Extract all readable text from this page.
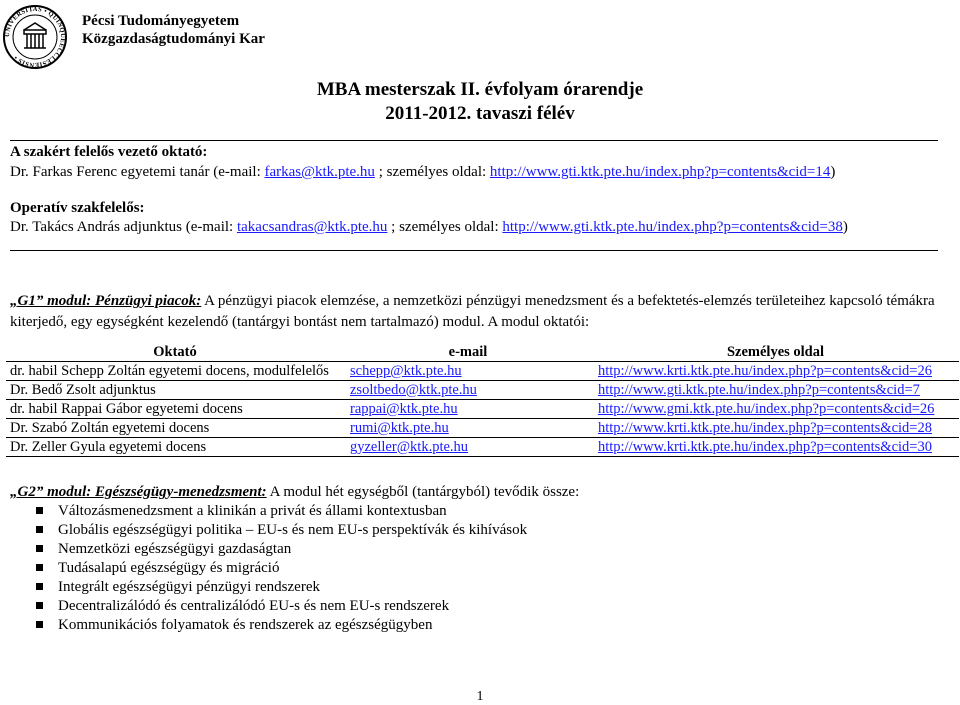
UNIVERSITAS • QUINQUEECCLESIENSIS •
Pécsi Tudományegyetem
Közgazdaságtudományi Kar
MBA mesterszak II. évfolyam órarendje
2011-2012. tavaszi félév
A szakért felelős vezető oktató:
Dr. Farkas Ferenc egyetemi tanár (e-mail: farkas@ktk.pte.hu ; személyes oldal: http://www.gti.ktk.pte.hu/index.php?p=contents&cid=14)
Operatív szakfelelős:
Dr. Takács András adjunktus (e-mail: takacsandras@ktk.pte.hu ; személyes oldal: http://www.gti.ktk.pte.hu/index.php?p=contents&cid=38)
„G1” modul: Pénzügyi piacok: A pénzügyi piacok elemzése, a nemzetközi pénzügyi menedzsment és a befektetés-elemzés területeihez kapcsoló témákra kiterjedő, egy egységként kezelendő (tantárgyi bontást nem tartalmazó) modul. A modul oktatói:
Oktató	e-mail	Személyes oldal
dr. habil Schepp Zoltán egyetemi docens, modulfelelős	schepp@ktk.pte.hu	http://www.krti.ktk.pte.hu/index.php?p=contents&cid=26
Dr. Bedő Zsolt adjunktus	zsoltbedo@ktk.pte.hu	http://www.gti.ktk.pte.hu/index.php?p=contents&cid=7
dr. habil Rappai Gábor egyetemi docens	rappai@ktk.pte.hu	http://www.gmi.ktk.pte.hu/index.php?p=contents&cid=26
Dr. Szabó Zoltán egyetemi docens	rumi@ktk.pte.hu	http://www.krti.ktk.pte.hu/index.php?p=contents&cid=28
Dr. Zeller Gyula egyetemi docens	gyzeller@ktk.pte.hu	http://www.krti.ktk.pte.hu/index.php?p=contents&cid=30
„G2” modul: Egészségügy-menedzsment: A modul hét egységből (tantárgyból) tevődik össze:
Változásmenedzsment a klinikán a privát és állami kontextusban
Globális egészségügyi politika – EU-s és nem EU-s perspektívák és kihívások
Nemzetközi egészségügyi gazdaságtan
Tudásalapú egészségügy és migráció
Integrált egészségügyi pénzügyi rendszerek
Decentralizálódó és centralizálódó EU-s és nem EU-s rendszerek
Kommunikációs folyamatok és rendszerek az egészségügyben
1
